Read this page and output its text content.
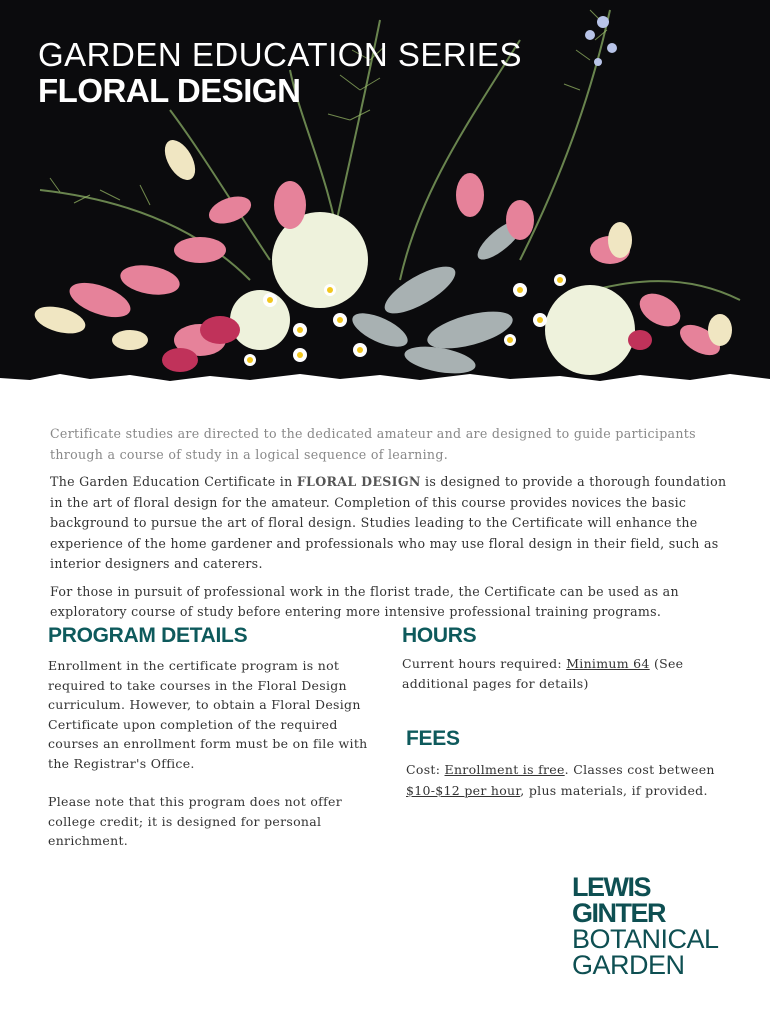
GARDEN EDUCATION SERIES
FLORAL DESIGN

Certificate studies are directed to the dedicated amateur and are designed to guide participants through a course of study in a logical sequence of learning.

The Garden Education Certificate in FLORAL DESIGN is designed to provide a thorough foundation in the art of floral design for the amateur. Completion of this course provides novices the basic background to pursue the art of floral design. Studies leading to the Certificate will enhance the experience of the home gardener and professionals who may use floral design in their field, such as interior designers and caterers.

For those in pursuit of professional work in the florist trade, the Certificate can be used as an exploratory course of study before entering more intensive professional training programs.

PROGRAM DETAILS

Enrollment in the certificate program is not required to take courses in the Floral Design curriculum. However, to obtain a Floral Design Certificate upon completion of the required courses an enrollment form must be on file with the Registrar's Office.

Please note that this program does not offer college credit; it is designed for personal enrichment.

HOURS

Current hours required: Minimum 64 (See additional pages for details)

FEES

Cost: Enrollment is free. Classes cost between $10-$12 per hour, plus materials, if provided.

LEWIS
GINTER
BOTANICAL
GARDEN
